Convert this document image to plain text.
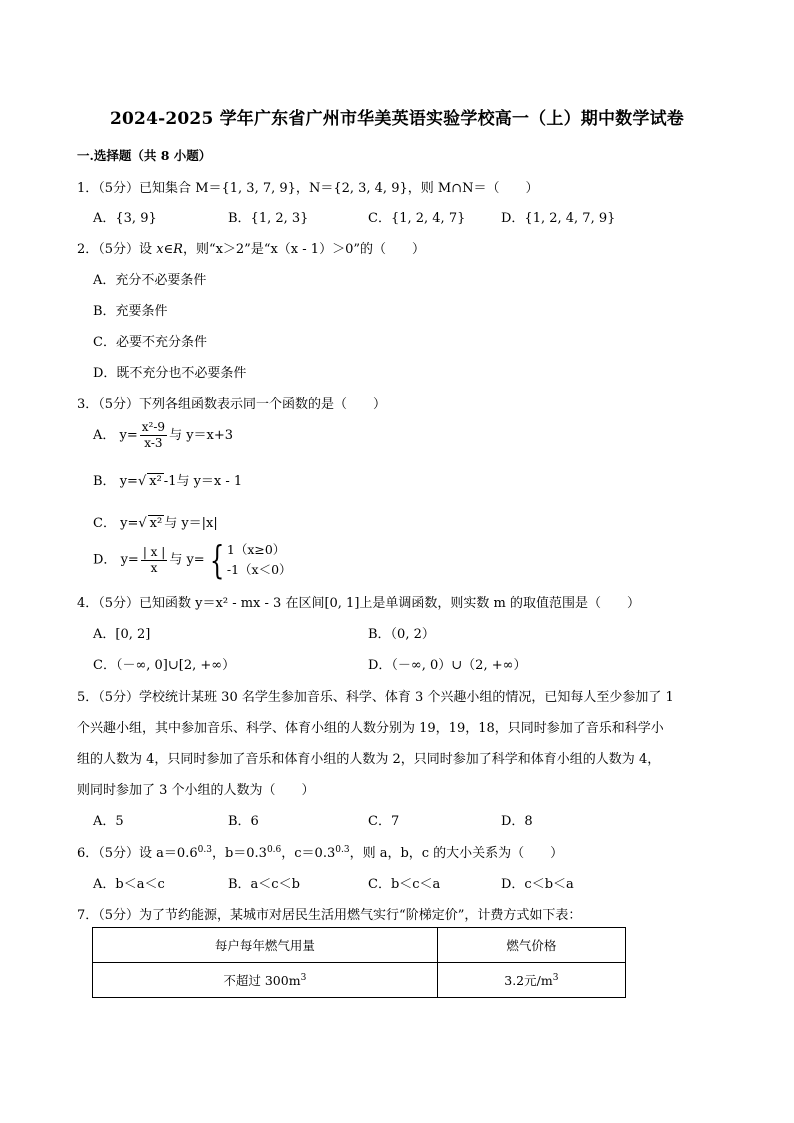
2024-2025 学年广东省广州市华美英语实验学校高一（上）期中数学试卷
一.选择题（共 8 小题）
1．（5分）已知集合 M＝{1, 3, 7, 9}，N＝{2, 3, 4, 9}，则 M∩N＝（　　）
A．{3, 9}	B．{1, 2, 3}	C．{1, 2, 4, 7}	D．{1, 2, 4, 7, 9}
2．（5分）设 x∈R，则“x＞2”是“x（x - 1）＞0”的（　　）
A．充分不必要条件
B．充要条件
C．必要不充分条件
D．既不充分也不必要条件
3．（5分）下列各组函数表示同一个函数的是（　　）
A． $y= \frac{\text{x²-9}}{x-3}$ 与 y＝x+3
B． y=√ x² -1与 y＝x - 1
C． y=√ x² 与 y＝|x|
D． $y= \frac{| x |}{x}$ 与 y= { 1（x≥0）
-1（x＜0）
4．（5分）已知函数 y＝x² - mx - 3 在区间[0, 1]上是单调函数，则实数 m 的取值范围是（　　）
A．[0, 2]	B．（0, 2）
C．（－∞, 0]∪[2, +∞）	D．（－∞, 0）∪（2, +∞）
5．（5分）学校统计某班 30 名学生参加音乐、科学、体育 3 个兴趣小组的情况，已知每人至少参加了 1
个兴趣小组，其中参加音乐、科学、体育小组的人数分别为 19，19，18，只同时参加了音乐和科学小
组的人数为 4，只同时参加了音乐和体育小组的人数为 2，只同时参加了科学和体育小组的人数为 4，
则同时参加了 3 个小组的人数为（　　）
A．5	B．6	C．7	D．8
6．（5分）设 $a=0.6^{0.3}$，$b=0.3^{0.6}$，$c=0.3^{0.3}$，则 a，b，c 的大小关系为（　　）
A．b＜a＜c	B．a＜c＜b	C．b＜c＜a	D．c＜b＜a
7．（5分）为了节约能源，某城市对居民生活用燃气实行“阶梯定价”，计费方式如下表：
每户每年燃气用量	燃气价格
不超过 $300m^3$	3.2元$/m^3$
